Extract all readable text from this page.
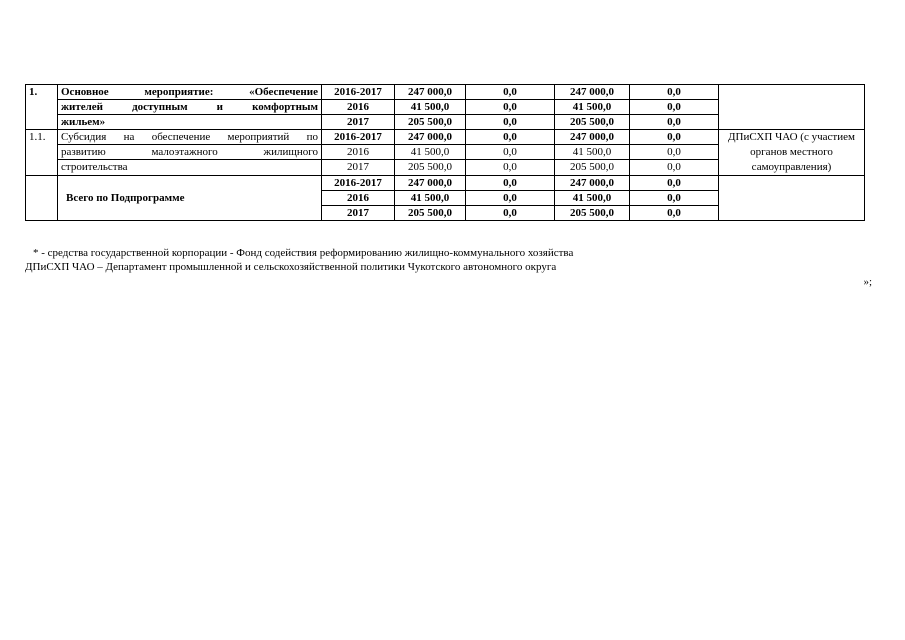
1.	Основное мероприятие: «Обеспечение	2016-2017	247 000,0	0,0	247 000,0	0,0	
	жителей доступным и комфортным	2016	41 500,0	0,0	41 500,0	0,0	
	жильем»	2017	205 500,0	0,0	205 500,0	0,0	
1.1.	Субсидия на обеспечение мероприятий по	2016-2017	247 000,0	0,0	247 000,0	0,0	ДПиСХП ЧАО (с участием органов местного самоуправления)
	развитию малоэтажного жилищного	2016	41 500,0	0,0	41 500,0	0,0	
	строительства	2017	205 500,0	0,0	205 500,0	0,0	

	Всего по Подпрограмме	2016-2017	247 000,0	0,0	247 000,0	0,0	
		2016	41 500,0	0,0	41 500,0	0,0	
		2017	205 500,0	0,0	205 500,0	0,0	
* - средства государственной корпорации - Фонд содействия реформированию жилищно-коммунального хозяйства
ДПиСХП ЧАО – Департамент промышленной и сельскохозяйственной политики Чукотского автономного округа
»;
